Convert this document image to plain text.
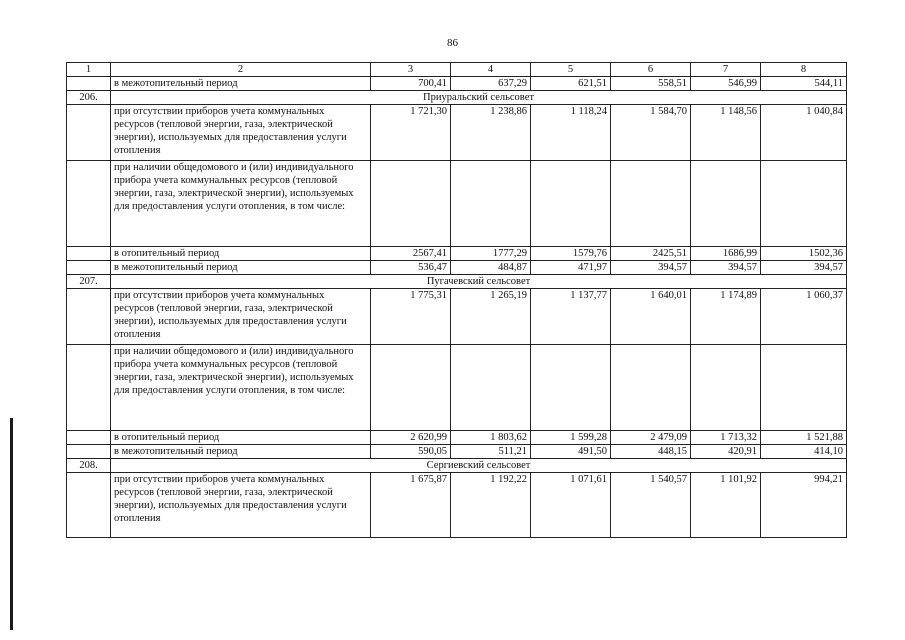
86
1	2	3	4	5	6	7	8
	в межотопительный период	700,41	637,29	621,51	558,51	546,99	544,11
206.	Приуральский сельсовет						
	при отсутствии приборов учета коммунальных ресурсов (тепловой энергии, газа, электрической энергии), используемых для предоставления услуги отопления	1 721,30	1 238,86	1 118,24	1 584,70	1 148,56	1 040,84
	при наличии общедомового и (или) индивидуального прибора учета коммунальных ресурсов (тепловой энергии, газа, электрической энергии), используемых для предоставления услуги отопления, в том числе:						
	в отопительный период	2567,41	1777,29	1579,76	2425,51	1686,99	1502,36
	в межотопительный период	536,47	484,87	471,97	394,57	394,57	394,57
207.	Пугачевский сельсовет						
	при отсутствии приборов учета коммунальных ресурсов (тепловой энергии, газа, электрической энергии), используемых для предоставления услуги отопления	1 775,31	1 265,19	1 137,77	1 640,01	1 174,89	1 060,37
	при наличии общедомового и (или) индивидуального прибора учета коммунальных ресурсов (тепловой энергии, газа, электрической энергии), используемых для предоставления услуги отопления, в том числе:						
	в отопительный период	2 620,99	1 803,62	1 599,28	2 479,09	1 713,32	1 521,88
	в межотопительный период	590,05	511,21	491,50	448,15	420,91	414,10
208.	Сергиевский сельсовет						
	при отсутствии приборов учета коммунальных ресурсов (тепловой энергии, газа, электрической энергии), используемых для предоставления услуги отопления	1 675,87	1 192,22	1 071,61	1 540,57	1 101,92	994,21
